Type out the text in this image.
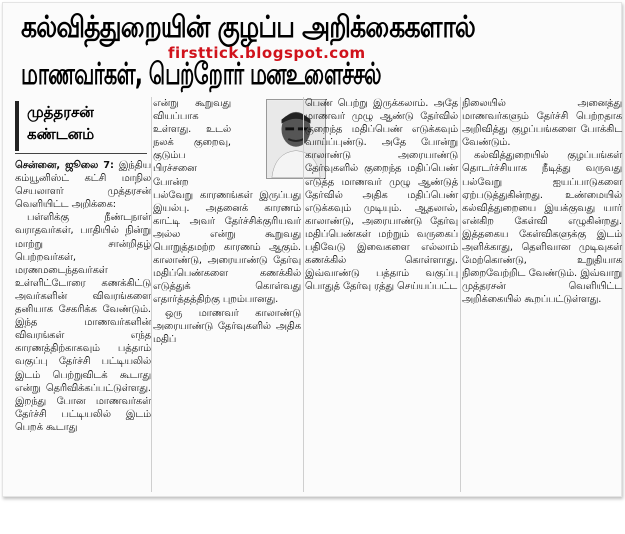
கல்வித்துறையின் குழப்ப அறிக்கைகளால்
firsttick.blogspot.com
மாணவர்கள், பெற்றோர் மனஉளைச்சல்
முத்தரசன்
கண்டனம்

சென்னை, ஜூலை 7: இந்திய கம்யூனிஸ்ட் கட்சி மாநில செயலாளர் முத்தரசன் வெளியிட்ட அறிக்கை:

பள்ளிக்கு நீண்டநாள் வராதவர்கள், பாதியில் நின்று மாற்று சான்றிதழ் பெற்றவர்கள், மரணமடைந்தவர்கள் உள்ளிட்டோரை கணக்கிட்டு அவர்களின் விவரங்களை தனியாக சேகரிக்க வேண்டும். இந்த மாணவர்களின் விவரங்கள் எந்த காரணத்திற்காகவும் பத்தாம் வகுப்பு தேர்ச்சி பட்டியலில் இடம் பெற்றுவிடக் கூடாது என்று தெரிவிக்கப்பட்டுள்ளது. இறந்து போன மாணவர்கள் தேர்ச்சி பட்டியலில் இடம் பெறக் கூடாது

என்று கூறுவது வியப்பாக உள்ளது. உடல் நலக் குறைவு, குடும்ப பிரச்சனை போன்ற பல்வேறு காரணங்கள் இருப்பது இயல்பு. அதனைக் காரணம் காட்டி அவர் தேர்ச்சிக்குரியவர் அல்ல என்று கூறுவது பொறுத்தமற்ற காரணம் ஆகும். காலாண்டு, அரையாண்டு தேர்வு மதிப்பெண்களை கணக்கில் எடுத்துக் கொள்வது எதார்த்தத்திற்கு புறம்பானது.

ஒரு மாணவர் காலாண்டு அரையாண்டு தேர்வுகளில் அதிக மதிப்

பெண் பெற்று இருக்கலாம். அதே மாணவர் முழு ஆண்டு தேர்வில் குறைந்த மதிப்பெண் எடுக்கவும் வாய்ப்புண்டு. அதே போன்று காலாண்டு அரையாண்டு தேர்வுகளில் குறைந்த மதிப்பெண் எடுத்த மாணவர் முழு ஆண்டுத் தேர்வில் அதிக மதிப்பெண் எடுக்கவும் முடியும். ஆதலால், காலாண்டு, அரையாண்டு தேர்வு மதிப்பெண்கள் மற்றும் வருகைப் பதிவேடு இவைகளை எல்லாம் கணக்கில் கொள்ளாது. இவ்வாண்டு பத்தாம் வகுப்பு பொதுத் தேர்வு ரத்து செய்யப்பட்ட

நிலையில் அனைத்து மாணவர்களும் தேர்ச்சி பெற்றதாக அறிவித்து குழப்பங்களை போக்கிட வேண்டும்.

கல்வித்துறையில் குழப்பங்கள் தொடர்ச்சியாக நீடித்து வருவது பல்வேறு ஐயப்பாடுகளை ஏற்படுத்துகின்றது. உண்மையில் கல்வித்துறையை இயக்குவது யார் என்கிற கேள்வி எழுகின்றது. இத்தகைய கேள்விகளுக்கு இடம் அளிக்காது, தெளிவான முடிவுகள் மேற்கொண்டு, உறுதியாக நிறைவேற்றிட வேண்டும். இவ்வாறு முத்தரசன் வெளியிட்ட அறிக்கையில் கூறப்பட்டுள்ளது.
